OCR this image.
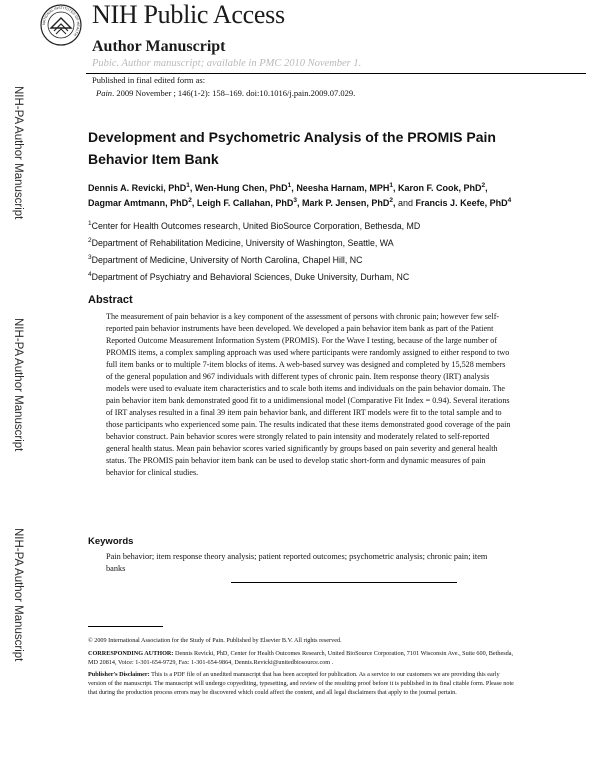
NATIONAL INSTITUTES OF HEALTH
NIH Public Access
Author Manuscript
Pubic. Author manuscript; available in PMC 2010 November 1.
Published in final edited form as:
Pain. 2009 November ; 146(1-2): 158–169. doi:10.1016/j.pain.2009.07.029.
NIH-PA Author Manuscript
NIH-PA Author Manuscript
NIH-PA Author Manuscript
Development and Psychometric Analysis of the PROMIS Pain Behavior Item Bank
Dennis A. Revicki, PhD$^1$, Wen-Hung Chen, PhD$^1$, Neesha Harnam, MPH$^1$, Karon F. Cook, PhD$^2$, Dagmar Amtmann, PhD$^2$, Leigh F. Callahan, PhD$^3$, Mark P. Jensen, PhD$^2$, and Francis J. Keefe, PhD$^4$
$^1$Center for Health Outcomes research, United BioSource Corporation, Bethesda, MD
$^2$Department of Rehabilitation Medicine, University of Washington, Seattle, WA
$^3$Department of Medicine, University of North Carolina, Chapel Hill, NC
$^4$Department of Psychiatry and Behavioral Sciences, Duke University, Durham, NC
Abstract
The measurement of pain behavior is a key component of the assessment of persons with chronic pain; however few self-reported pain behavior instruments have been developed. We developed a pain behavior item bank as part of the Patient Reported Outcome Measurement Information System (PROMIS). For the Wave I testing, because of the large number of PROMIS items, a complex sampling approach was used where participants were randomly assigned to either respond to two full item banks or to multiple 7-item blocks of items. A web-based survey was designed and completed by 15,528 members of the general population and 967 individuals with different types of chronic pain. Item response theory (IRT) analysis models were used to evaluate item characteristics and to scale both items and individuals on the pain behavior domain. The pain behavior item bank demonstrated good fit to a unidimensional model (Comparative Fit Index = 0.94). Several iterations of IRT analyses resulted in a final 39 item pain behavior bank, and different IRT models were fit to the total sample and to those participants who experienced some pain. The results indicated that these items demonstrated good coverage of the pain behavior construct. Pain behavior scores were strongly related to pain intensity and moderately related to self-reported general health status. Mean pain behavior scores varied significantly by groups based on pain severity and general health status. The PROMIS pain behavior item bank can be used to develop static short-form and dynamic measures of pain behavior for clinical studies.
Keywords
Pain behavior; item response theory analysis; patient reported outcomes; psychometric analysis; chronic pain; item banks
© 2009 International Association for the Study of Pain. Published by Elsevier B.V. All rights reserved.
CORRESPONDING AUTHOR: Dennis Revicki, PhD, Center for Health Outcomes Research, United BioSource Corporation, 7101 Wisconsin Ave., Suite 600, Bethesda, MD 20814, Voice: 1-301-654-9729, Fax: 1-301-654-9864, Dennis.Revicki@unitedbiosource.com .
Publisher's Disclaimer: This is a PDF file of an unedited manuscript that has been accepted for publication. As a service to our customers we are providing this early version of the manuscript. The manuscript will undergo copyediting, typesetting, and review of the resulting proof before it is published in its final citable form. Please note that during the production process errors may be discovered which could affect the content, and all legal disclaimers that apply to the journal pertain.
